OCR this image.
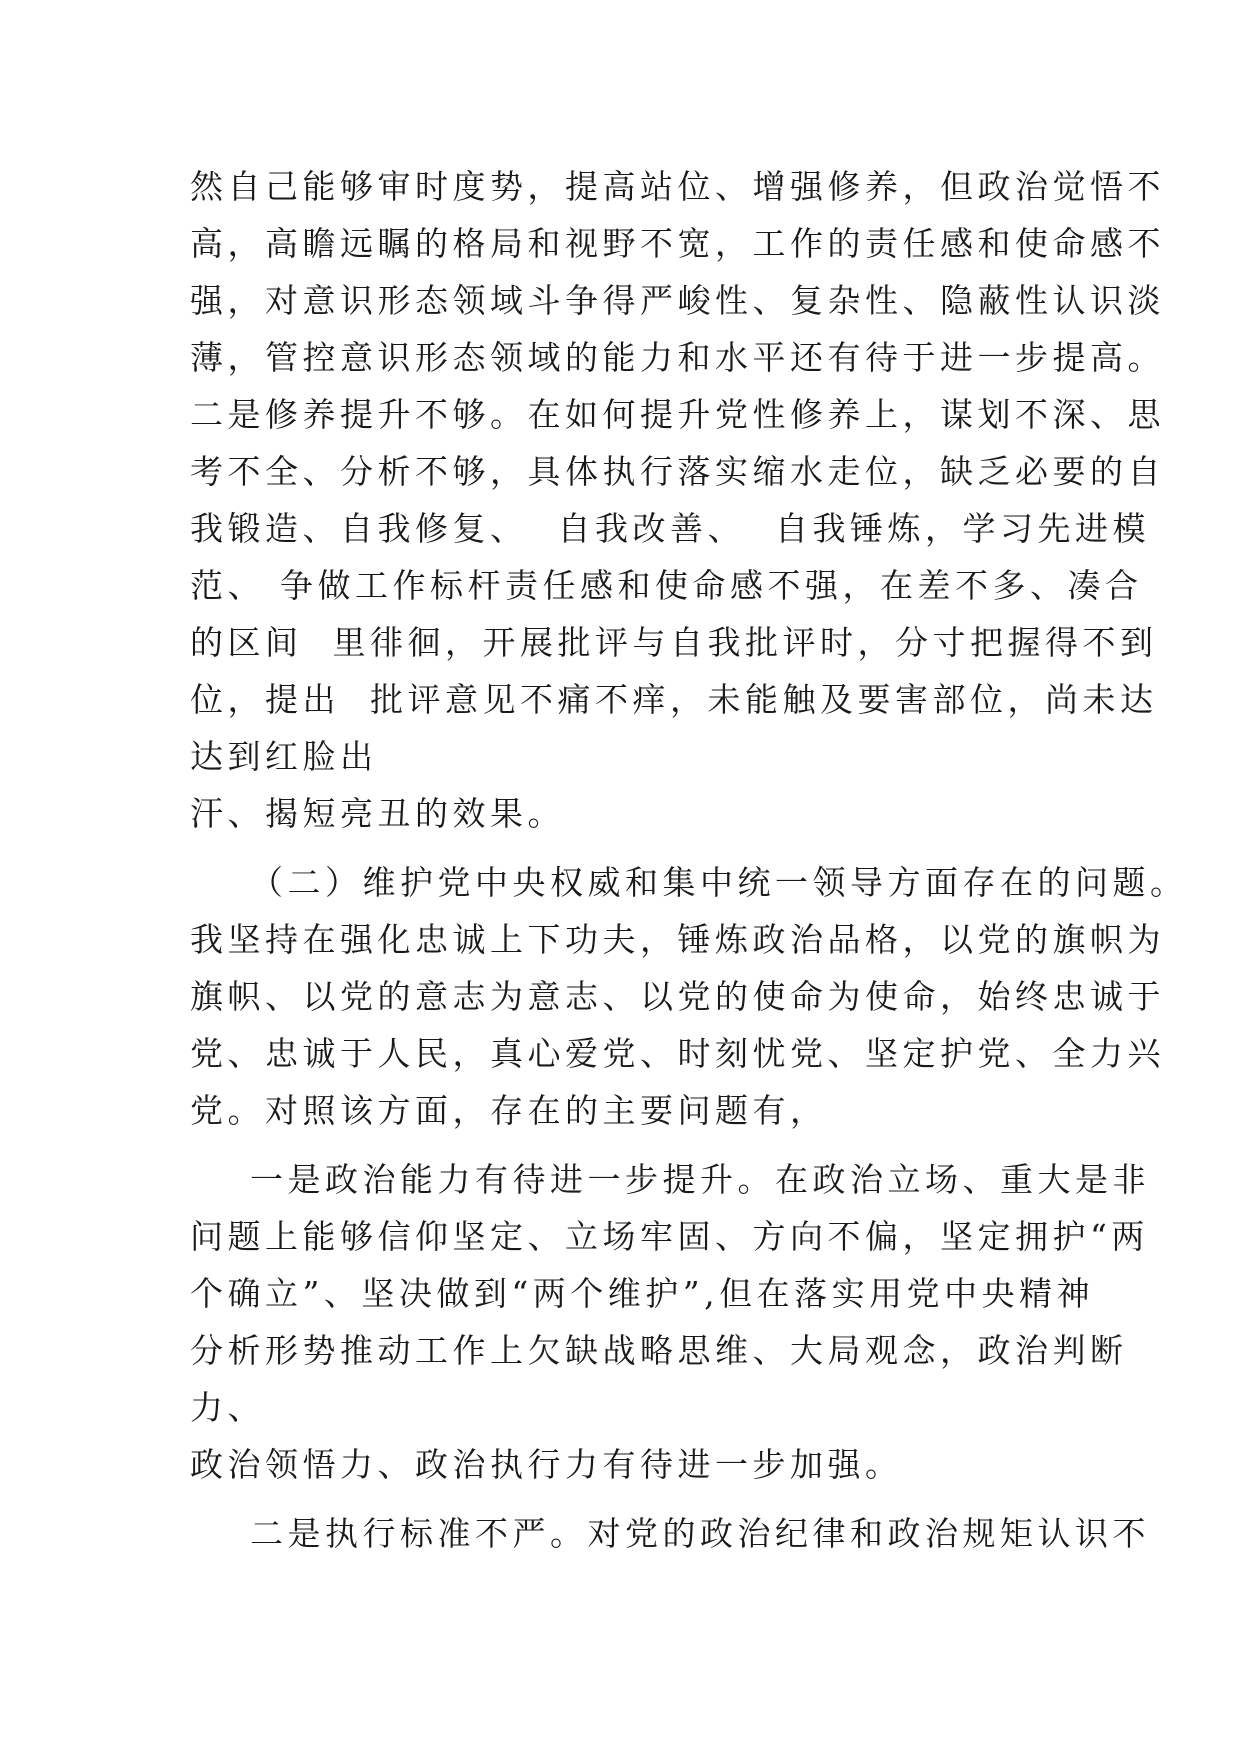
然自己能够审时度势，提高站位、增强修养，但政治觉悟不
高，高瞻远瞩的格局和视野不宽，工作的责任感和使命感不
强，对意识形态领域斗争得严峻性、复杂性、隐蔽性认识淡
薄，管控意识形态领域的能力和水平还有待于进一步提高。
二是修养提升不够。在如何提升党性修养上，谋划不深、思
考不全、分析不够，具体执行落实缩水走位，缺乏必要的自
我锻造、自我修复、  自我改善、  自我锤炼，学习先进模
范、 争做工作标杆责任感和使命感不强，在差不多、凑合
的区间  里徘徊，开展批评与自我批评时，分寸把握得不到
位，提出  批评意见不痛不痒，未能触及要害部位，尚未达
达到红脸出
汗、揭短亮丑的效果。
（二）维护党中央权威和集中统一领导方面存在的问题。
我坚持在强化忠诚上下功夫，锤炼政治品格，以党的旗帜为
旗帜、以党的意志为意志、以党的使命为使命，始终忠诚于
党、忠诚于人民，真心爱党、时刻忧党、坚定护党、全力兴
党。对照该方面，存在的主要问题有，
一是政治能力有待进一步提升。在政治立场、重大是非
问题上能够信仰坚定、立场牢固、方向不偏，坚定拥护“两
个确立”、坚决做到“两个维护”,但在落实用党中央精神
分析形势推动工作上欠缺战略思维、大局观念，政治判断
力、
政治领悟力、政治执行力有待进一步加强。
二是执行标准不严。对党的政治纪律和政治规矩认识不
